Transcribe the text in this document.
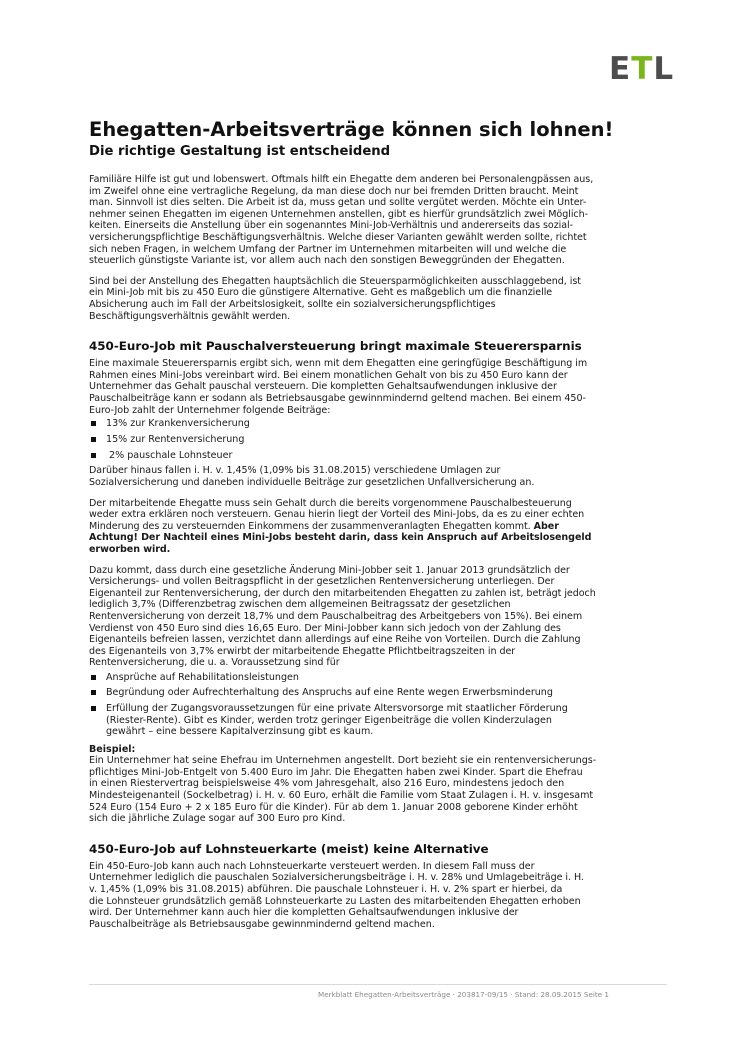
ETL
Ehegatten-Arbeitsverträge können sich lohnen!
Die richtige Gestaltung ist entscheidend

Familiäre Hilfe ist gut und lobenswert. Oftmals hilft ein Ehegatte dem anderen bei Personalengpässen aus,
im Zweifel ohne eine vertragliche Regelung, da man diese doch nur bei fremden Dritten braucht. Meint
man. Sinnvoll ist dies selten. Die Arbeit ist da, muss getan und sollte vergütet werden. Möchte ein Unter-
nehmer seinen Ehegatten im eigenen Unternehmen anstellen, gibt es hierfür grundsätzlich zwei Möglich-
keiten. Einerseits die Anstellung über ein sogenanntes Mini-Job-Verhältnis und andererseits das sozial-
versicherungspflichtige Beschäftigungsverhältnis. Welche dieser Varianten gewählt werden sollte, richtet
sich neben Fragen, in welchem Umfang der Partner im Unternehmen mitarbeiten will und welche die
steuerlich günstigste Variante ist, vor allem auch nach den sonstigen Beweggründen der Ehegatten.

Sind bei der Anstellung des Ehegatten hauptsächlich die Steuersparmöglichkeiten ausschlaggebend, ist
ein Mini-Job mit bis zu 450 Euro die günstigere Alternative. Geht es maßgeblich um die finanzielle
Absicherung auch im Fall der Arbeitslosigkeit, sollte ein sozialversicherungspflichtiges
Beschäftigungsverhältnis gewählt werden.

450-Euro-Job mit Pauschalversteuerung bringt maximale Steuerersparnis

Eine maximale Steuerersparnis ergibt sich, wenn mit dem Ehegatten eine geringfügige Beschäftigung im
Rahmen eines Mini-Jobs vereinbart wird. Bei einem monatlichen Gehalt von bis zu 450 Euro kann der
Unternehmer das Gehalt pauschal versteuern. Die kompletten Gehaltsaufwendungen inklusive der
Pauschalbeiträge kann er sodann als Betriebsausgabe gewinnmindernd geltend machen. Bei einem 450-
Euro-Job zahlt der Unternehmer folgende Beiträge:

13% zur Krankenversicherung
15% zur Rentenversicherung
2% pauschale Lohnsteuer

Darüber hinaus fallen i. H. v. 1,45% (1,09% bis 31.08.2015) verschiedene Umlagen zur
Sozialversicherung und daneben individuelle Beiträge zur gesetzlichen Unfallversicherung an.

Der mitarbeitende Ehegatte muss sein Gehalt durch die bereits vorgenommene Pauschalbesteuerung
weder extra erklären noch versteuern. Genau hierin liegt der Vorteil des Mini-Jobs, da es zu einer echten
Minderung des zu versteuernden Einkommens der zusammenveranlagten Ehegatten kommt. Aber
Achtung! Der Nachteil eines Mini-Jobs besteht darin, dass kein Anspruch auf Arbeitslosengeld
erworben wird.

Dazu kommt, dass durch eine gesetzliche Änderung Mini-Jobber seit 1. Januar 2013 grundsätzlich der
Versicherungs- und vollen Beitragspflicht in der gesetzlichen Rentenversicherung unterliegen. Der
Eigenanteil zur Rentenversicherung, der durch den mitarbeitenden Ehegatten zu zahlen ist, beträgt jedoch
lediglich 3,7% (Differenzbetrag zwischen dem allgemeinen Beitragssatz der gesetzlichen
Rentenversicherung von derzeit 18,7% und dem Pauschalbeitrag des Arbeitgebers von 15%). Bei einem
Verdienst von 450 Euro sind dies 16,65 Euro. Der Mini-Jobber kann sich jedoch von der Zahlung des
Eigenanteils befreien lassen, verzichtet dann allerdings auf eine Reihe von Vorteilen. Durch die Zahlung
des Eigenanteils von 3,7% erwirbt der mitarbeitende Ehegatte Pflichtbeitragszeiten in der
Rentenversicherung, die u. a. Voraussetzung sind für

Ansprüche auf Rehabilitationsleistungen
Begründung oder Aufrechterhaltung des Anspruchs auf eine Rente wegen Erwerbsminderung
Erfüllung der Zugangsvoraussetzungen für eine private Altersvorsorge mit staatlicher Förderung
(Riester-Rente). Gibt es Kinder, werden trotz geringer Eigenbeiträge die vollen Kinderzulagen
gewährt – eine bessere Kapitalverzinsung gibt es kaum.
Beispiel:
Ein Unternehmer hat seine Ehefrau im Unternehmen angestellt. Dort bezieht sie ein rentenversicherungs-
pflichtiges Mini-Job-Entgelt von 5.400 Euro im Jahr. Die Ehegatten haben zwei Kinder. Spart die Ehefrau
in einen Riestervertrag beispielsweise 4% vom Jahresgehalt, also 216 Euro, mindestens jedoch den
Mindesteigenanteil (Sockelbetrag) i. H. v. 60 Euro, erhält die Familie vom Staat Zulagen i. H. v. insgesamt
524 Euro (154 Euro + 2 x 185 Euro für die Kinder). Für ab dem 1. Januar 2008 geborene Kinder erhöht
sich die jährliche Zulage sogar auf 300 Euro pro Kind.
450-Euro-Job auf Lohnsteuerkarte (meist) keine Alternative

Ein 450-Euro-Job kann auch nach Lohnsteuerkarte versteuert werden. In diesem Fall muss der
Unternehmer lediglich die pauschalen Sozialversicherungsbeiträge i. H. v. 28% und Umlagebeiträge i. H.
v. 1,45% (1,09% bis 31.08.2015) abführen. Die pauschale Lohnsteuer i. H. v. 2% spart er hierbei, da
die Lohnsteuer grundsätzlich gemäß Lohnsteuerkarte zu Lasten des mitarbeitenden Ehegatten erhoben
wird. Der Unternehmer kann auch hier die kompletten Gehaltsaufwendungen inklusive der
Pauschalbeiträge als Betriebsausgabe gewinnmindernd geltend machen.

Merkblatt Ehegatten-Arbeitsverträge · 203817-09/15 · Stand: 28.09.2015 Seite 1
